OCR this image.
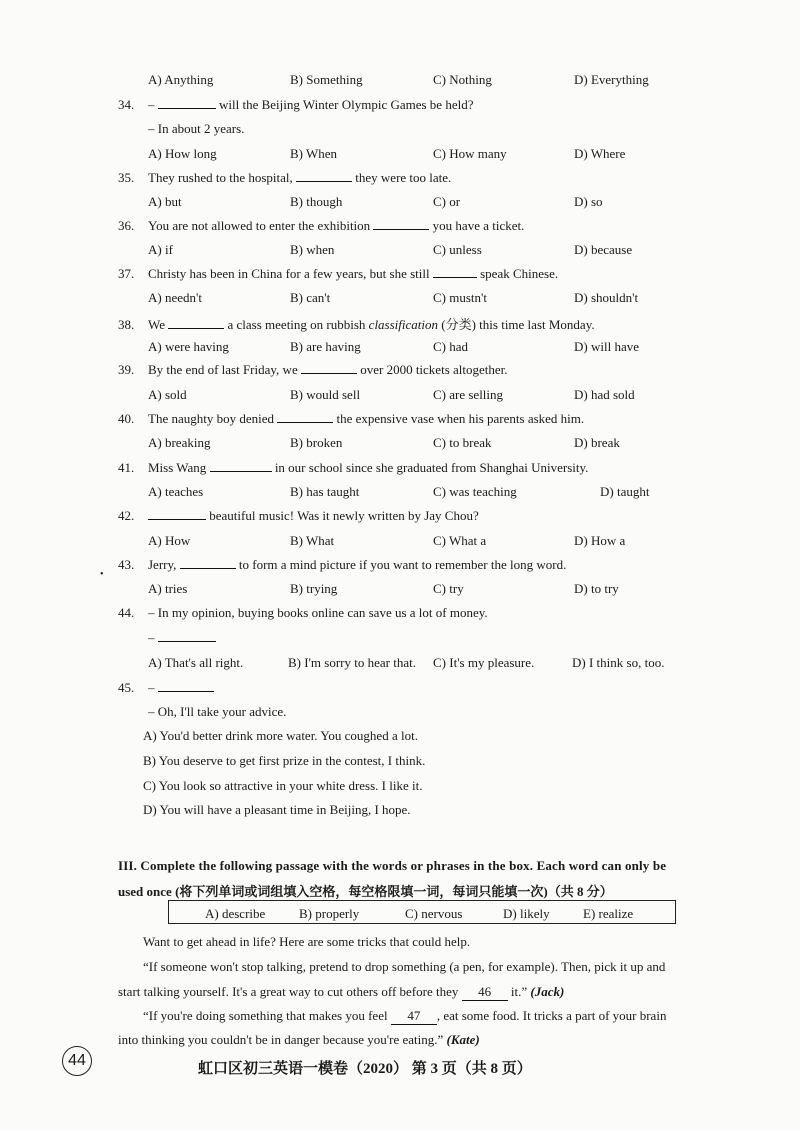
A) Anything	B) Something	C) Nothing	D) Everything
34. –	will the Beijing Winter Olympic Games be held?
– In about 2 years.
A) How long	B) When	C) How many	D) Where
35. They rushed to the hospital,	they were too late.
A) but	B) though	C) or	D) so
36. You are not allowed to enter the exhibition	you have a ticket.
A) if	B) when	C) unless	D) because
37. Christy has been in China for a few years, but she still	speak Chinese.
A) needn't	B) can't	C) mustn't	D) shouldn't
38. We	a class meeting on rubbish classification (分类) this time last Monday.
A) were having	B) are having	C) had	D) will have
39. By the end of last Friday, we	over 2000 tickets altogether.
A) sold	B) would sell	C) are selling	D) had sold
40. The naughty boy denied	the expensive vase when his parents asked him.
A) breaking	B) broken	C) to break	D) break
41. Miss Wang	in our school since she graduated from Shanghai University.
A) teaches	B) has taught	C) was teaching	D) taught
42.	beautiful music! Was it newly written by Jay Chou?
A) How	B) What	C) What a	D) How a
•
43. Jerry,	to form a mind picture if you want to remember the long word.
A) tries	B) trying	C) try	D) to try
44. – In my opinion, buying books online can save us a lot of money.
–
A) That's all right.	B) I'm sorry to hear that. C) It's my pleasure.	D) I think so, too.
45. –
– Oh, I'll take your advice.
A) You'd better drink more water. You coughed a lot.
B) You deserve to get first prize in the contest, I think.
C) You look so attractive in your white dress. I like it.
D) You will have a pleasant time in Beijing, I hope.
III. Complete the following passage with the words or phrases in the box. Each word can only be
used once (将下列单词或词组填入空格，每空格限填一词，每词只能填一次)（共 8 分）
A) describe	B) properly	C) nervous	D) likely	E) realize
Want to get ahead in life? Here are some tricks that could help.
“If someone won't stop talking, pretend to drop something (a pen, for example). Then, pick it up and
start talking yourself. It's a great way to cut others off before they 46 it.” (Jack)
“If you're doing something that makes you feel 47 , eat some food. It tricks a part of your brain
into thinking you couldn't be in danger because you're eating.” (Kate)
44	虹口区初三英语一模卷（2020） 第 3 页（共 8 页）
